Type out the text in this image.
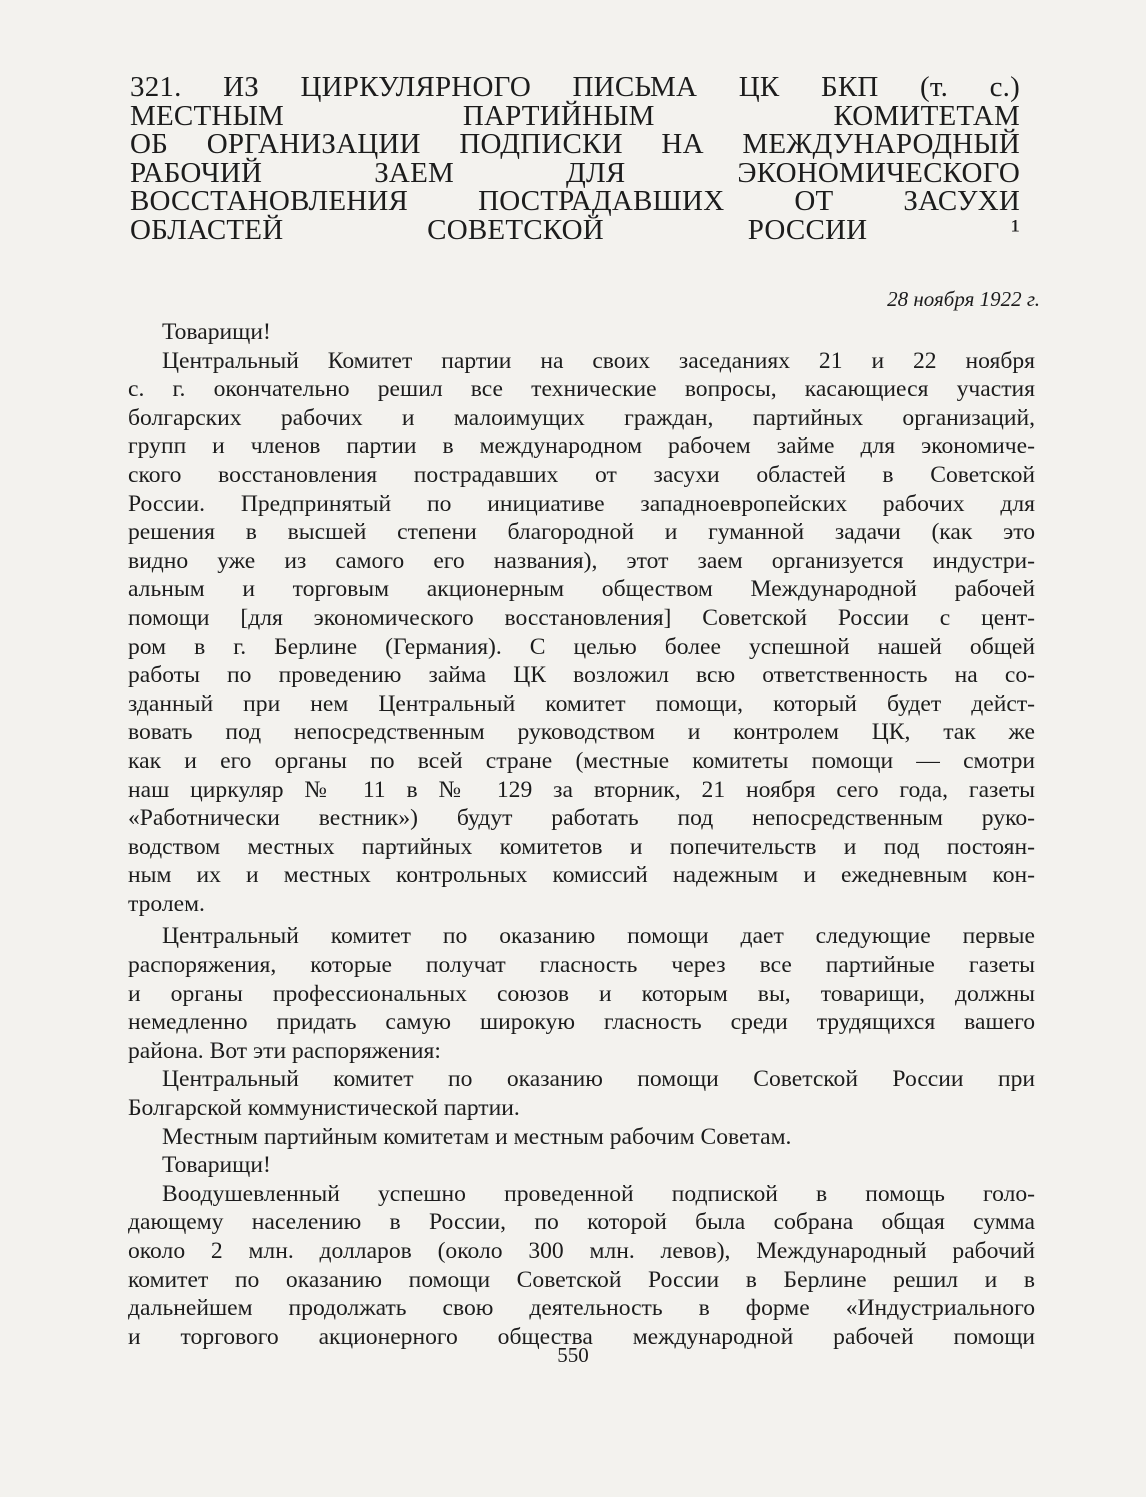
321. ИЗ ЦИРКУЛЯРНОГО ПИСЬМА ЦК БКП (т. с.)
МЕСТНЫМ ПАРТИЙНЫМ КОМИТЕТАМ
ОБ ОРГАНИЗАЦИИ ПОДПИСКИ НА МЕЖДУНАРОДНЫЙ
РАБОЧИЙ ЗАЕМ ДЛЯ ЭКОНОМИЧЕСКОГО
ВОССТАНОВЛЕНИЯ ПОСТРАДАВШИХ ОТ ЗАСУХИ
ОБЛАСТЕЙ СОВЕТСКОЙ РОССИИ ¹
28 ноября 1922 г.
Товарищи!
Центральный Комитет партии на своих заседаниях 21 и 22 ноября
с. г. окончательно решил все технические вопросы, касающиеся участия
болгарских рабочих и малоимущих граждан, партийных организаций,
групп и членов партии в международном рабочем займе для экономиче-
ского восстановления пострадавших от засухи областей в Советской
России. Предпринятый по инициативе западноевропейских рабочих для
решения в высшей степени благородной и гуманной задачи (как это
видно уже из самого его названия), этот заем организуется индустри-
альным и торговым акционерным обществом Международной рабочей
помощи [для экономического восстановления] Советской России с цент-
ром в г. Берлине (Германия). С целью более успешной нашей общей
работы по проведению займа ЦК возложил всю ответственность на со-
зданный при нем Центральный комитет помощи, который будет дейст-
вовать под непосредственным руководством и контролем ЦК, так же
как и его органы по всей стране (местные комитеты помощи — смотри
наш циркуляр № 11 в № 129 за вторник, 21 ноября сего года, газеты
«Работнически вестник») будут работать под непосредственным руко-
водством местных партийных комитетов и попечительств и под постоян-
ным их и местных контрольных комиссий надежным и ежедневным кон-
тролем.
Центральный комитет по оказанию помощи дает следующие первые
распоряжения, которые получат гласность через все партийные газеты
и органы профессиональных союзов и которым вы, товарищи, должны
немедленно придать самую широкую гласность среди трудящихся вашего
района. Вот эти распоряжения:
Центральный комитет по оказанию помощи Советской России при
Болгарской коммунистической партии.
Местным партийным комитетам и местным рабочим Советам.
Товарищи!
Воодушевленный успешно проведенной подпиской в помощь голо-
дающему населению в России, по которой была собрана общая сумма
около 2 млн. долларов (около 300 млн. левов), Международный рабочий
комитет по оказанию помощи Советской России в Берлине решил и в
дальнейшем продолжать свою деятельность в форме «Индустриального
и торгового акционерного общества международной рабочей помощи
550
